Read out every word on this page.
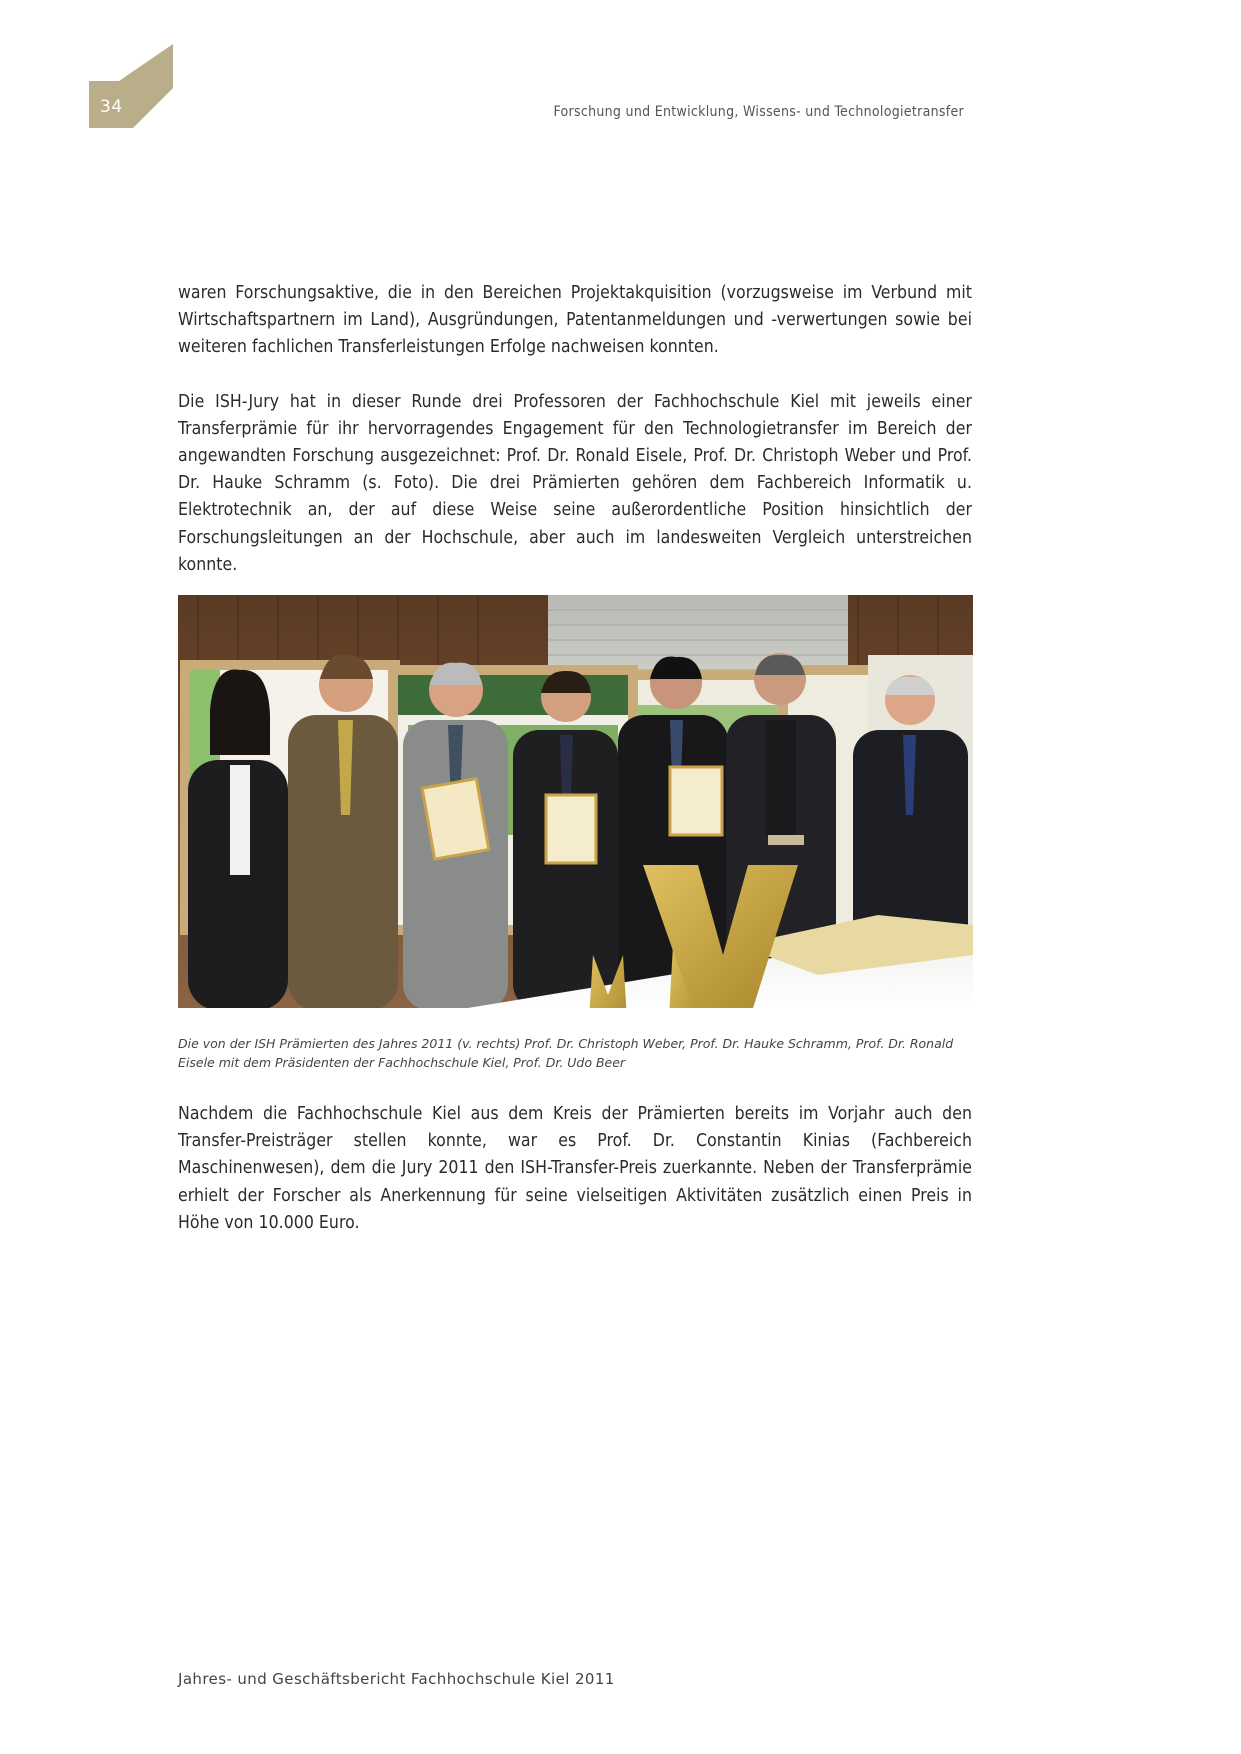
34	Forschung und Entwicklung, Wissens- und Technologietransfer

waren Forschungsaktive, die in den Bereichen Projektakquisition (vorzugsweise im Verbund mit Wirtschaftspartnern im Land), Ausgründungen, Patentanmeldungen und -verwertungen sowie bei weiteren fachlichen Transferleistungen Erfolge nachweisen konnten.

Die ISH-Jury hat in dieser Runde drei Professoren der Fachhochschule Kiel mit jeweils einer Transferprämie für ihr hervorragendes Engagement für den Technologietransfer im Bereich der angewandten Forschung ausgezeichnet: Prof. Dr. Ronald Eisele, Prof. Dr. Christoph Weber und Prof. Dr. Hauke Schramm (s. Foto). Die drei Prämierten gehören dem Fachbereich Informatik u. Elektrotechnik an, der auf diese Weise seine außerordentliche Position hinsichtlich der Forschungsleitungen an der Hochschule, aber auch im landesweiten Vergleich unterstreichen konnte.

Die von der ISH Prämierten des Jahres 2011 (v. rechts) Prof. Dr. Christoph Weber, Prof. Dr. Hauke Schramm, Prof. Dr. Ronald Eisele mit dem Präsidenten der Fachhochschule Kiel, Prof. Dr. Udo Beer

Nachdem die Fachhochschule Kiel aus dem Kreis der Prämierten bereits im Vorjahr auch den Transfer-Preisträger stellen konnte, war es Prof. Dr. Constantin Kinias (Fachbereich Maschinenwesen), dem die Jury 2011 den ISH-Transfer-Preis zuerkannte. Neben der Transferprämie erhielt der Forscher als Anerkennung für seine vielseitigen Aktivitäten zusätzlich einen Preis in Höhe von 10.000 Euro.

Jahres- und Geschäftsbericht Fachhochschule Kiel 2011
